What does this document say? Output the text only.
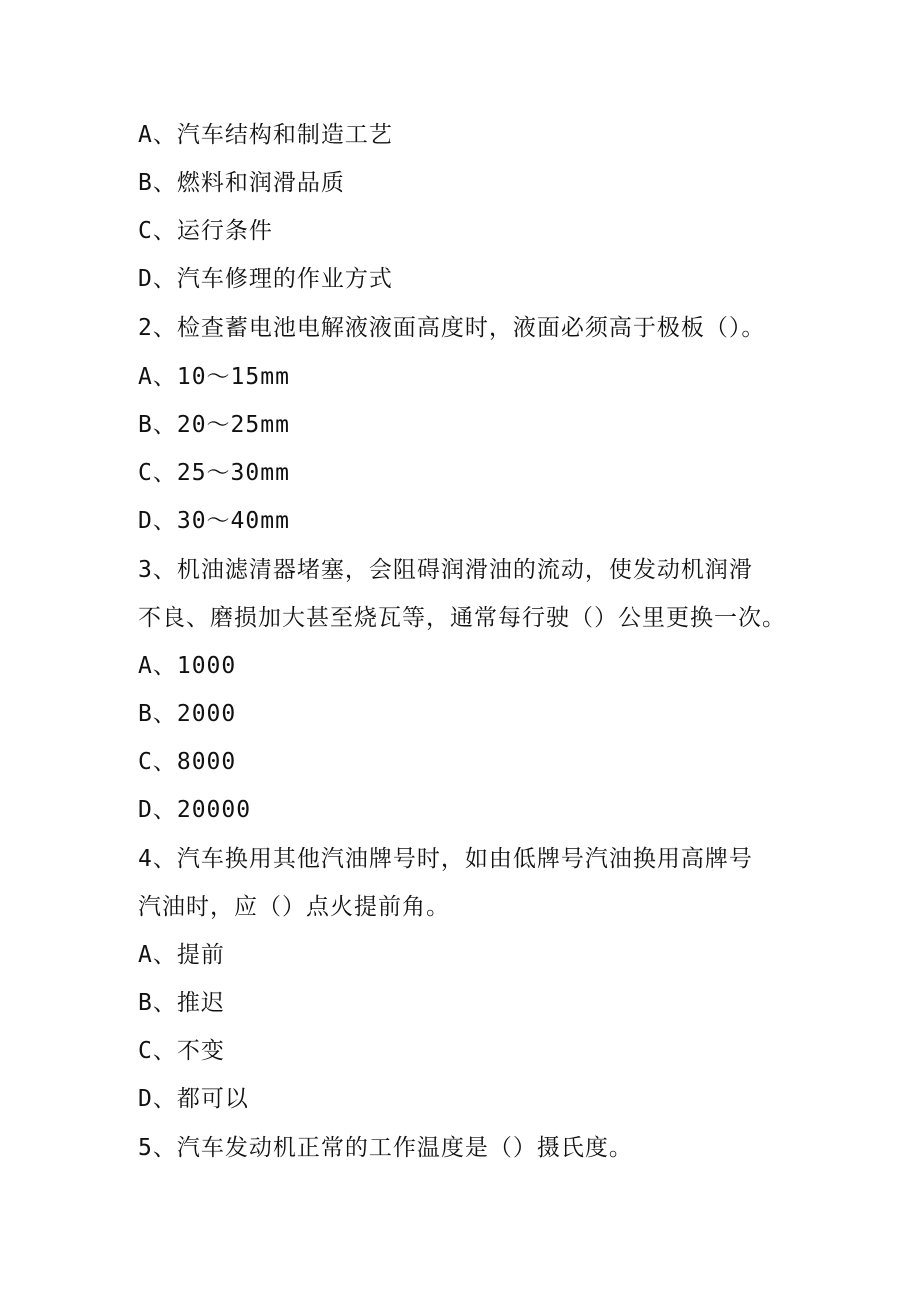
A、汽车结构和制造工艺
B、燃料和润滑品质
C、运行条件
D、汽车修理的作业方式
2、检查蓄电池电解液液面高度时，液面必须高于极板（）。
A、10～15mm
B、20～25mm
C、25～30mm
D、30～40mm
3、机油滤清器堵塞，会阻碍润滑油的流动，使发动机润滑
不良、磨损加大甚至烧瓦等，通常每行驶（）公里更换一次。
A、1000
B、2000
C、8000
D、20000
4、汽车换用其他汽油牌号时，如由低牌号汽油换用高牌号
汽油时，应（）点火提前角。
A、提前
B、推迟
C、不变
D、都可以
5、汽车发动机正常的工作温度是（）摄氏度。
